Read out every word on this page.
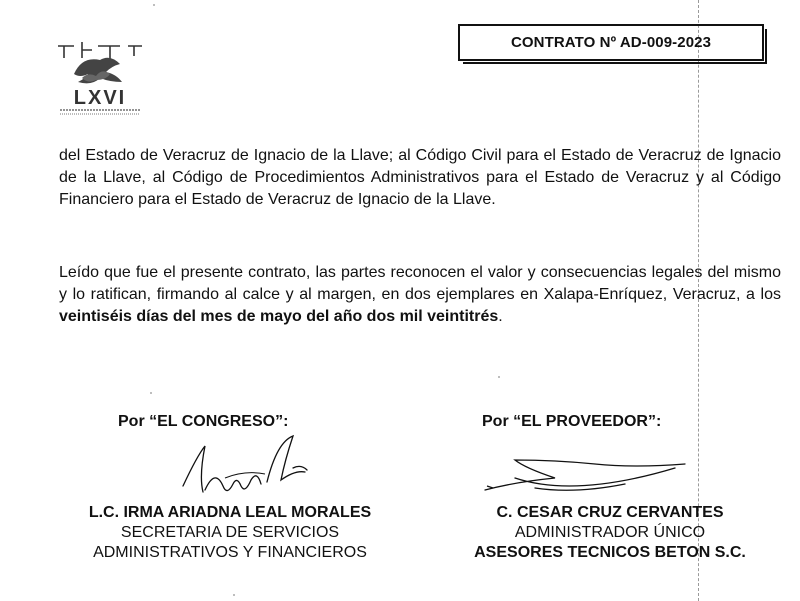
LXVI
CONTRATO Nº AD-009-2023

del Estado de Veracruz de Ignacio de la Llave; al Código Civil para el Estado de Veracruz de Ignacio de la Llave, al Código de Procedimientos Administrativos para el Estado de Veracruz y al Código Financiero para el Estado de Veracruz de Ignacio de la Llave.

Leído que fue el presente contrato, las partes reconocen el valor y consecuencias legales del mismo y lo ratifican, firmando al calce y al margen, en dos ejemplares en Xalapa-Enríquez, Veracruz, a los veintiséis días del mes de mayo del año dos mil veintitrés.

Por “EL CONGRESO”:	Por “EL PROVEEDOR”:
L.C. IRMA ARIADNA LEAL MORALES
SECRETARIA DE SERVICIOS
ADMINISTRATIVOS Y FINANCIEROS
C. CESAR CRUZ CERVANTES
ADMINISTRADOR ÚNICO
ASESORES TECNICOS BETON S.C.
